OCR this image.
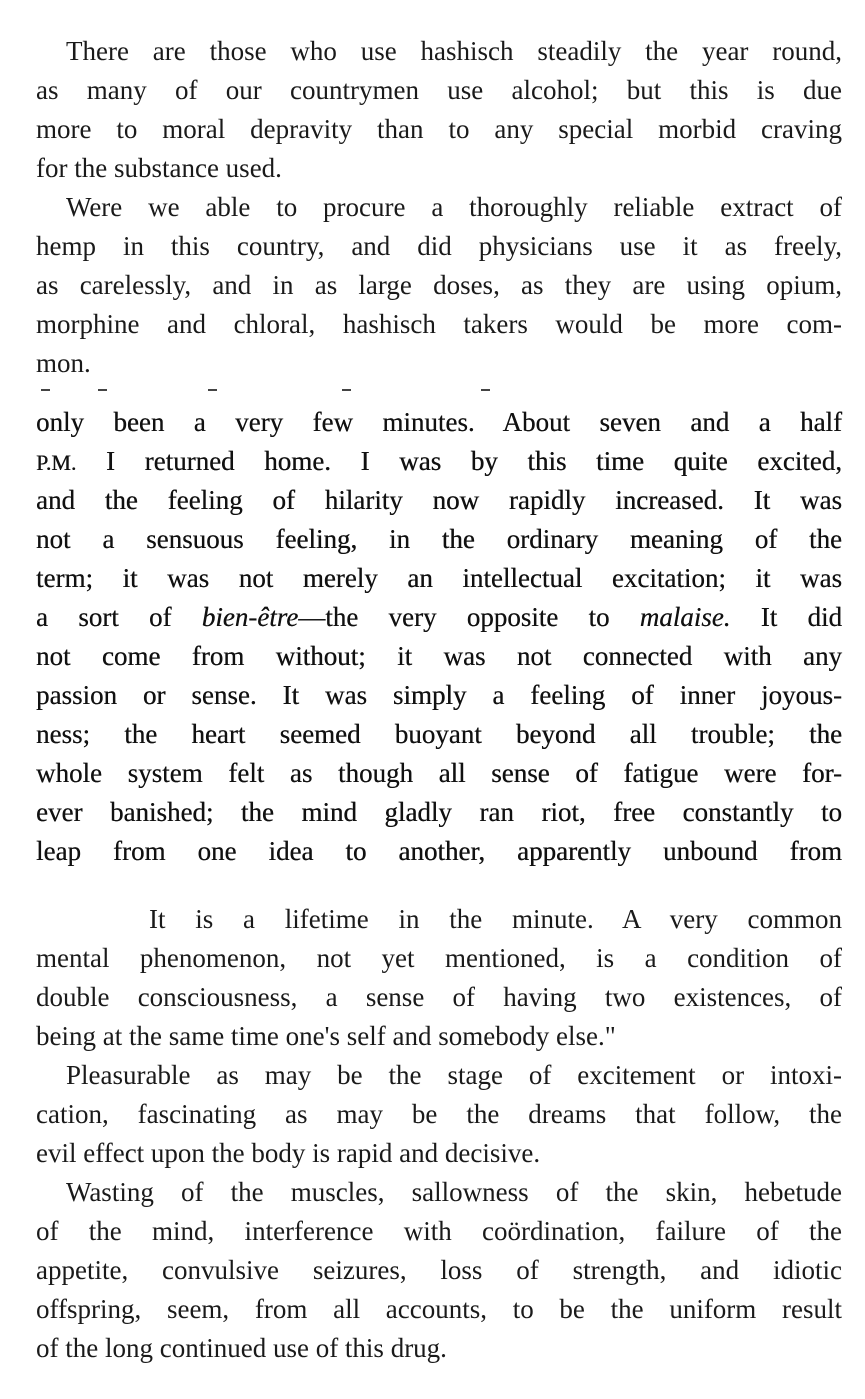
There are those who use hashisch steadily the year round,
as many of our countrymen use alcohol; but this is due
more to moral depravity than to any special morbid craving
for the substance used.
Were we able to procure a thoroughly reliable extract of
hemp in this country, and did physicians use it as freely,
as carelessly, and in as large doses, as they are using opium,
morphine and chloral, hashisch takers would be more com-
mon.
only been a very few minutes. About seven and a half
P.M. I returned home. I was by this time quite excited,
and the feeling of hilarity now rapidly increased. It was
not a sensuous feeling, in the ordinary meaning of the
term; it was not merely an intellectual excitation; it was
a sort of bien-être—the very opposite to malaise. It did
not come from without; it was not connected with any
passion or sense. It was simply a feeling of inner joyous-
ness; the heart seemed buoyant beyond all trouble; the
whole system felt as though all sense of fatigue were for-
ever banished; the mind gladly ran riot, free constantly to
leap from one idea to another, apparently unbound from
It is a lifetime in the minute. A very common
mental phenomenon, not yet mentioned, is a condition of
double consciousness, a sense of having two existences, of
being at the same time one's self and somebody else."
Pleasurable as may be the stage of excitement or intoxi-
cation, fascinating as may be the dreams that follow, the
evil effect upon the body is rapid and decisive.
Wasting of the muscles, sallowness of the skin, hebetude
of the mind, interference with coördination, failure of the
appetite, convulsive seizures, loss of strength, and idiotic
offspring, seem, from all accounts, to be the uniform result
of the long continued use of this drug.
